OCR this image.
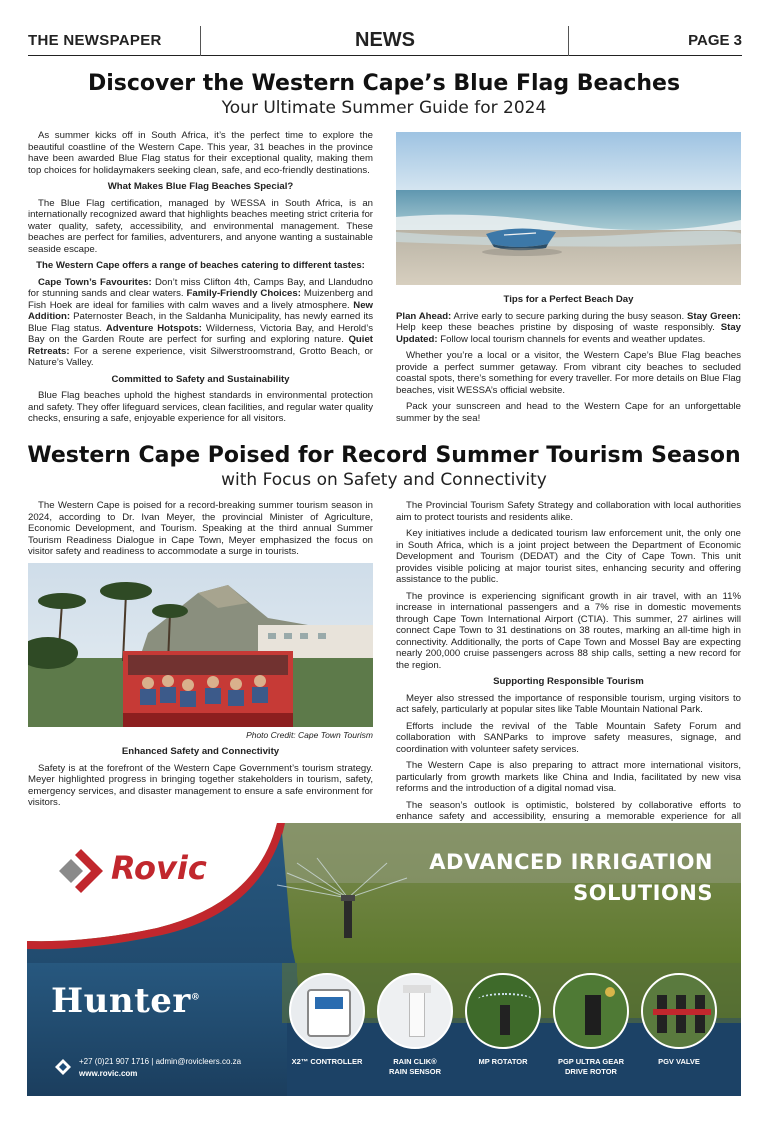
THE NEWSPAPER	NEWS	PAGE 3
Discover the Western Cape’s Blue Flag Beaches
Your Ultimate Summer Guide for 2024

As summer kicks off in South Africa, it’s the perfect time to explore the beautiful coastline of the Western Cape. This year, 31 beaches in the province have been awarded Blue Flag status for their exceptional quality, making them top choices for holidaymakers seeking clean, safe, and eco-friendly destinations.

What Makes Blue Flag Beaches Special?

The Blue Flag certification, managed by WESSA in South Africa, is an internationally recognized award that highlights beaches meeting strict criteria for water quality, safety, accessibility, and environmental management. These beaches are perfect for families, adventurers, and anyone wanting a sustainable seaside escape.

The Western Cape offers a range of beaches catering to different tastes:

Cape Town’s Favourites: Don’t miss Clifton 4th, Camps Bay, and Llandudno for stunning sands and clear waters. Family-Friendly Choices: Muizenberg and Fish Hoek are ideal for families with calm waves and a lively atmosphere. New Addition: Paternoster Beach, in the Saldanha Municipality, has newly earned its Blue Flag status. Adventure Hotspots: Wilderness, Victoria Bay, and Herold’s Bay on the Garden Route are perfect for surfing and exploring nature. Quiet Retreats: For a serene experience, visit Silwerstroomstrand, Grotto Beach, or Nature’s Valley.

Committed to Safety and Sustainability

Blue Flag beaches uphold the highest standards in environmental protection and safety. They offer lifeguard services, clean facilities, and regular water quality checks, ensuring a safe, enjoyable experience for all visitors.

Tips for a Perfect Beach Day

Plan Ahead: Arrive early to secure parking during the busy season. Stay Green: Help keep these beaches pristine by disposing of waste responsibly. Stay Updated: Follow local tourism channels for events and weather updates.

Whether you’re a local or a visitor, the Western Cape’s Blue Flag beaches provide a perfect summer getaway. From vibrant city beaches to secluded coastal spots, there’s something for every traveller. For more details on Blue Flag beaches, visit WESSA’s official website.

Pack your sunscreen and head to the Western Cape for an unforgettable summer by the sea!

Western Cape Poised for Record Summer Tourism Season
with Focus on Safety and Connectivity

The Western Cape is poised for a record-breaking summer tourism season in 2024, according to Dr. Ivan Meyer, the provincial Minister of Agriculture, Economic Development, and Tourism. Speaking at the third annual Summer Tourism Readiness Dialogue in Cape Town, Meyer emphasized the focus on visitor safety and readiness to accommodate a surge in tourists.

Photo Credit: Cape Town Tourism
Enhanced Safety and Connectivity

Safety is at the forefront of the Western Cape Government’s tourism strategy. Meyer highlighted progress in bringing together stakeholders in tourism, safety, emergency services, and disaster management to ensure a safe environment for visitors.

The Provincial Tourism Safety Strategy and collaboration with local authorities aim to protect tourists and residents alike.

Key initiatives include a dedicated tourism law enforcement unit, the only one in South Africa, which is a joint project between the Department of Economic Development and Tourism (DEDAT) and the City of Cape Town. This unit provides visible policing at major tourist sites, enhancing security and offering assistance to the public.

The province is experiencing significant growth in air travel, with an 11% increase in international passengers and a 7% rise in domestic movements through Cape Town International Airport (CTIA). This summer, 27 airlines will connect Cape Town to 31 destinations on 38 routes, marking an all-time high in connectivity. Additionally, the ports of Cape Town and Mossel Bay are expecting nearly 200,000 cruise passengers across 88 ship calls, setting a new record for the region.

Supporting Responsible Tourism

Meyer also stressed the importance of responsible tourism, urging visitors to act safely, particularly at popular sites like Table Mountain National Park.

Efforts include the revival of the Table Mountain Safety Forum and collaboration with SANParks to improve safety measures, signage, and coordination with volunteer safety services.

The Western Cape is also preparing to attract more international visitors, particularly from growth markets like China and India, facilitated by new visa reforms and the introduction of a digital nomad visa.

The season’s outlook is optimistic, bolstered by collaborative efforts to enhance safety and accessibility, ensuring a memorable experience for all

Rovic	ADVANCED IRRIGATION
SOLUTIONS
Hunter®
+27 (0)21 907 1716 | admin@rovicleers.co.za
www.rovic.com
X2™ CONTROLLER	RAIN CLIK®
RAIN SENSOR
MP ROTATOR	PGP ULTRA GEAR
DRIVE ROTOR
PGV VALVE
